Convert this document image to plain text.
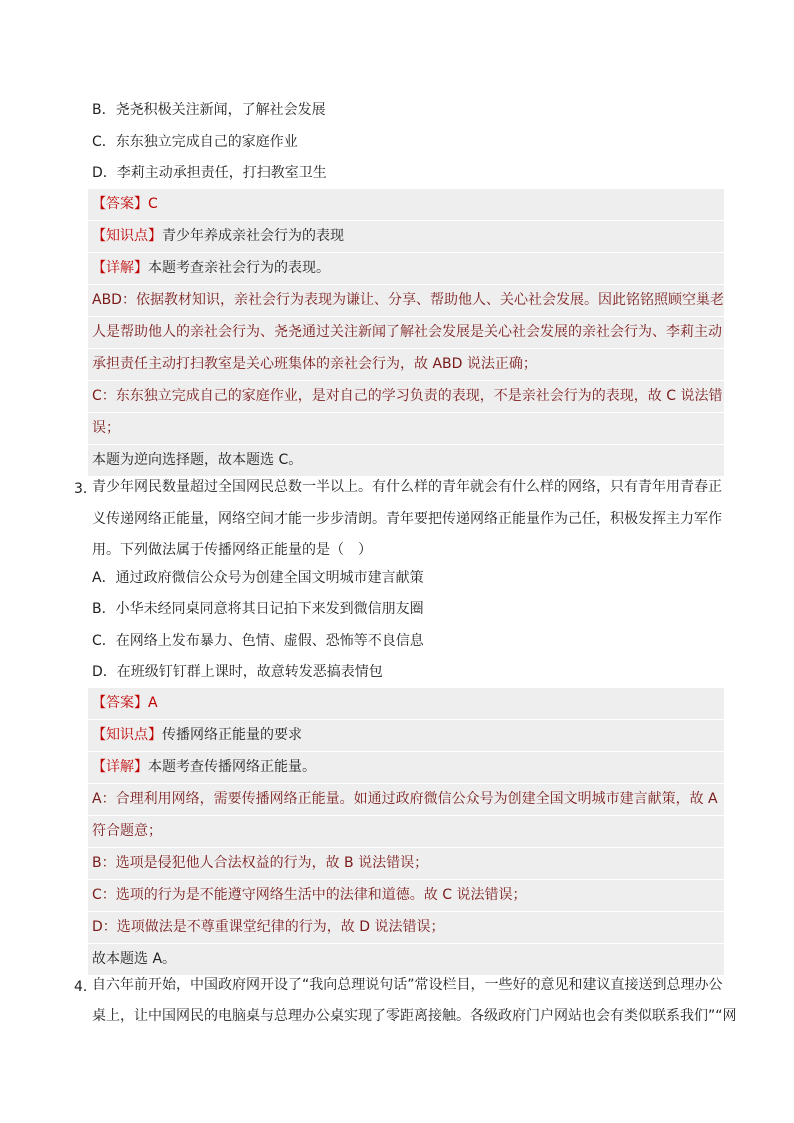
B．尧尧积极关注新闻，了解社会发展
C．东东独立完成自己的家庭作业
D．李莉主动承担责任，打扫教室卫生
【答案】C
【知识点】青少年养成亲社会行为的表现
【详解】本题考查亲社会行为的表现。
ABD：依据教材知识，亲社会行为表现为谦让、分享、帮助他人、关心社会发展。因此铭铭照顾空巢老
人是帮助他人的亲社会行为、尧尧通过关注新闻了解社会发展是关心社会发展的亲社会行为、李莉主动
承担责任主动打扫教室是关心班集体的亲社会行为，故 ABD 说法正确；
C：东东独立完成自己的家庭作业，是对自己的学习负责的表现，不是亲社会行为的表现，故 C 说法错
误；
本题为逆向选择题，故本题选 C。
3．
青少年网民数量超过全国网民总数一半以上。有什么样的青年就会有什么样的网络，只有青年用青春正
义传递网络正能量，网络空间才能一步步清朗。青年要把传递网络正能量作为己任，积极发挥主力军作
用。下列做法属于传播网络正能量的是（　）
A．通过政府微信公众号为创建全国文明城市建言献策
B．小华未经同桌同意将其日记拍下来发到微信朋友圈
C．在网络上发布暴力、色情、虚假、恐怖等不良信息
D．在班级钉钉群上课时，故意转发恶搞表情包
【答案】A
【知识点】传播网络正能量的要求
【详解】本题考查传播网络正能量。
A：合理利用网络，需要传播网络正能量。如通过政府微信公众号为创建全国文明城市建言献策，故 A
符合题意；
B：选项是侵犯他人合法权益的行为，故 B 说法错误；
C：选项的行为是不能遵守网络生活中的法律和道德。故 C 说法错误；
D：选项做法是不尊重课堂纪律的行为，故 D 说法错误；
故本题选 A。
4．
自六年前开始，中国政府网开设了“我向总理说句话”常设栏目，一些好的意见和建议直接送到总理办公
桌上，让中国网民的电脑桌与总理办公桌实现了零距离接触。各级政府门户网站也会有类似联系我们”“网
